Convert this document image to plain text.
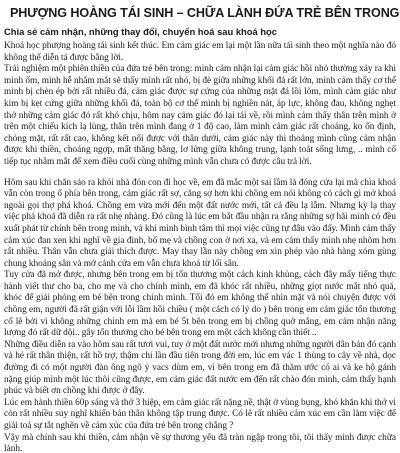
PHƯỢNG HOÀNG TÁI SINH – CHỮA LÀNH ĐỨA TRẺ BÊN TRONG
Chia sẻ cảm nhận, những thay đổi, chuyển hoá sau khoá học

Khoá học phượng hoàng tái sinh kết thúc. Em cảm giác em lại một lần nữa tái sinh theo một nghĩa nào đó không thể diễn tả được bằng lời.

Trải nghiệm một phiên thiền của đứa trẻ bên trong: mình cảm nhận lại cảm giác hồi nhỏ thường xảy ra khi mình ốm, mình hễ nhắm mắt sẽ thấy mình rất nhỏ, bị đè giữa những khối đá rất lớn, mình cảm thấy cơ thể mình bị chèn ép bởi rất nhiều đá, cảm giác được sự cứng của những mặt đá lồi lõm, mình cảm giác như kim bị kẹt cứng giữa những khối đá, toàn bộ cơ thể mình bị nghiền nát, áp lực, không đau, không nghẹt thở những cảm giác đó rất khó chịu, hôm nay cảm giác đó lại tái về, rồi mình cảm thấy thân trên mình ở trên một chiếu kích lạ lùng, thân trên mình đang ở 1 độ cao, làm mình cảm giác rất choáng, ko ổn định, chóng mặt, rất rất cao, không kết nối được với thân dưới, cảm giác này thì thoáng mình cũng cảm nhận được khi thiền, choáng ngợp, mất thăng bằng, lơ lửng giữa không trung, lạnh toát sống lưng, .. mình cố tiếp tục nhắm mắt để xem điều cuối cùng những mình vẫn chưa có được câu trả lời.

Hôm sau khi chăn sáo ra khỏi nhà đón con đi học về, em đã mắc một sai lầm là đóng cửa lại mà chìa khoá vẫn còn trong ổ phía bên trong, cảm giác rất sợ, căng sợ hơn khi chồng em nói không có cách gì mở khoá ngoài gọi thợ phá khoá. Chồng em vừa mới đến một đất nước mới, tất cả đều lạ lẫm. Nhưng kỳ lạ thay việc phá khoá đã diễn ra rất nhẹ nhàng. Đó cũng là lúc em bắt đầu nhận ra rằng những sợ hãi mình có đều xuất phát từ chính bên trong mình, và khi mình bình tâm thì mọi việc cũng tự đâu vào đấy. Mình cảm thấy cảm xúc đan xen khi nghĩ về gia đình, bố mẹ và chồng con ở nơi xa, và em cảm thấy mình nhẹ nhõm hơn rất nhiều. Thân vẫn chưa giải thích được. May thay lần này chồng em xin phép vào nhà hàng xóm gùng chung khoảng sân và mở cánh cửa em vẫn chưa khoá từ lối sân.

Tuy cửa đã mở được, nhưng bên trong em bị tổn thương một cách kinh khủng, cách đây mấy tiếng thực hành viết thư cho ba, cho mẹ và cho chính mình, em đã khóc rất nhiều, những giọt nước mắt nhỏ quá, khóc để giải phóng em bé bên trong chính mình. Tối đó em không thể nhìn mặt và nói chuyện được với chồng em, người đã rất giận với lỗi lầm hồi chiều ( một cách có lý do ) bên trong em cảm giác tổn thương cố lẽ bởi vì không những chính em mà em bé 5t bên trong em bị chồng quở mắng, em cảm nhận năng lượng đó rất dữ dội.. gây tổn thương cho bé bên trong em một cách không cần thiết ..

Những điều diễn ra vào hôm sau rất tươi vui, tuy ở một đất nước mới nhưng những người dân bản đó cạnh và hẻ rất thân thiện, rất hồ trợ, thậm chí lần đầu tiên trong đời em, lúc em vác 1 thùng to cây về nhà, dọc đường đi có một người đàn ông ngõ ý vacs dùm em, vì bên trong em đã thăm ước có ai và ke hộ gánh nặng giúp mình một lúc thôi cũng được, em cảm giác đất nước em đến rất chào đón mình, cảm thấy hạnh phúc và biết ơn chồng khi được ở đây.

Lúc em hành thiền 60p sáng và thở 3 hiệp, em cảm giác rất nặng nề, thật ở vùng bụng, khó khăn khi thở vì còn rất nhiều suy nghĩ khiến bản thân không tập trung được. Có lẽ rất nhiều cảm xúc em cần làm việc để giải toả sự tắt nghẽn về cảm xúc của đứa trẻ bên trong chẳng ?

Vậy mà chính sau khi thiền, cảm nhận về sự thương yêu đã tràn ngập trong tôi, tôi thấy mình được chữa lành.
